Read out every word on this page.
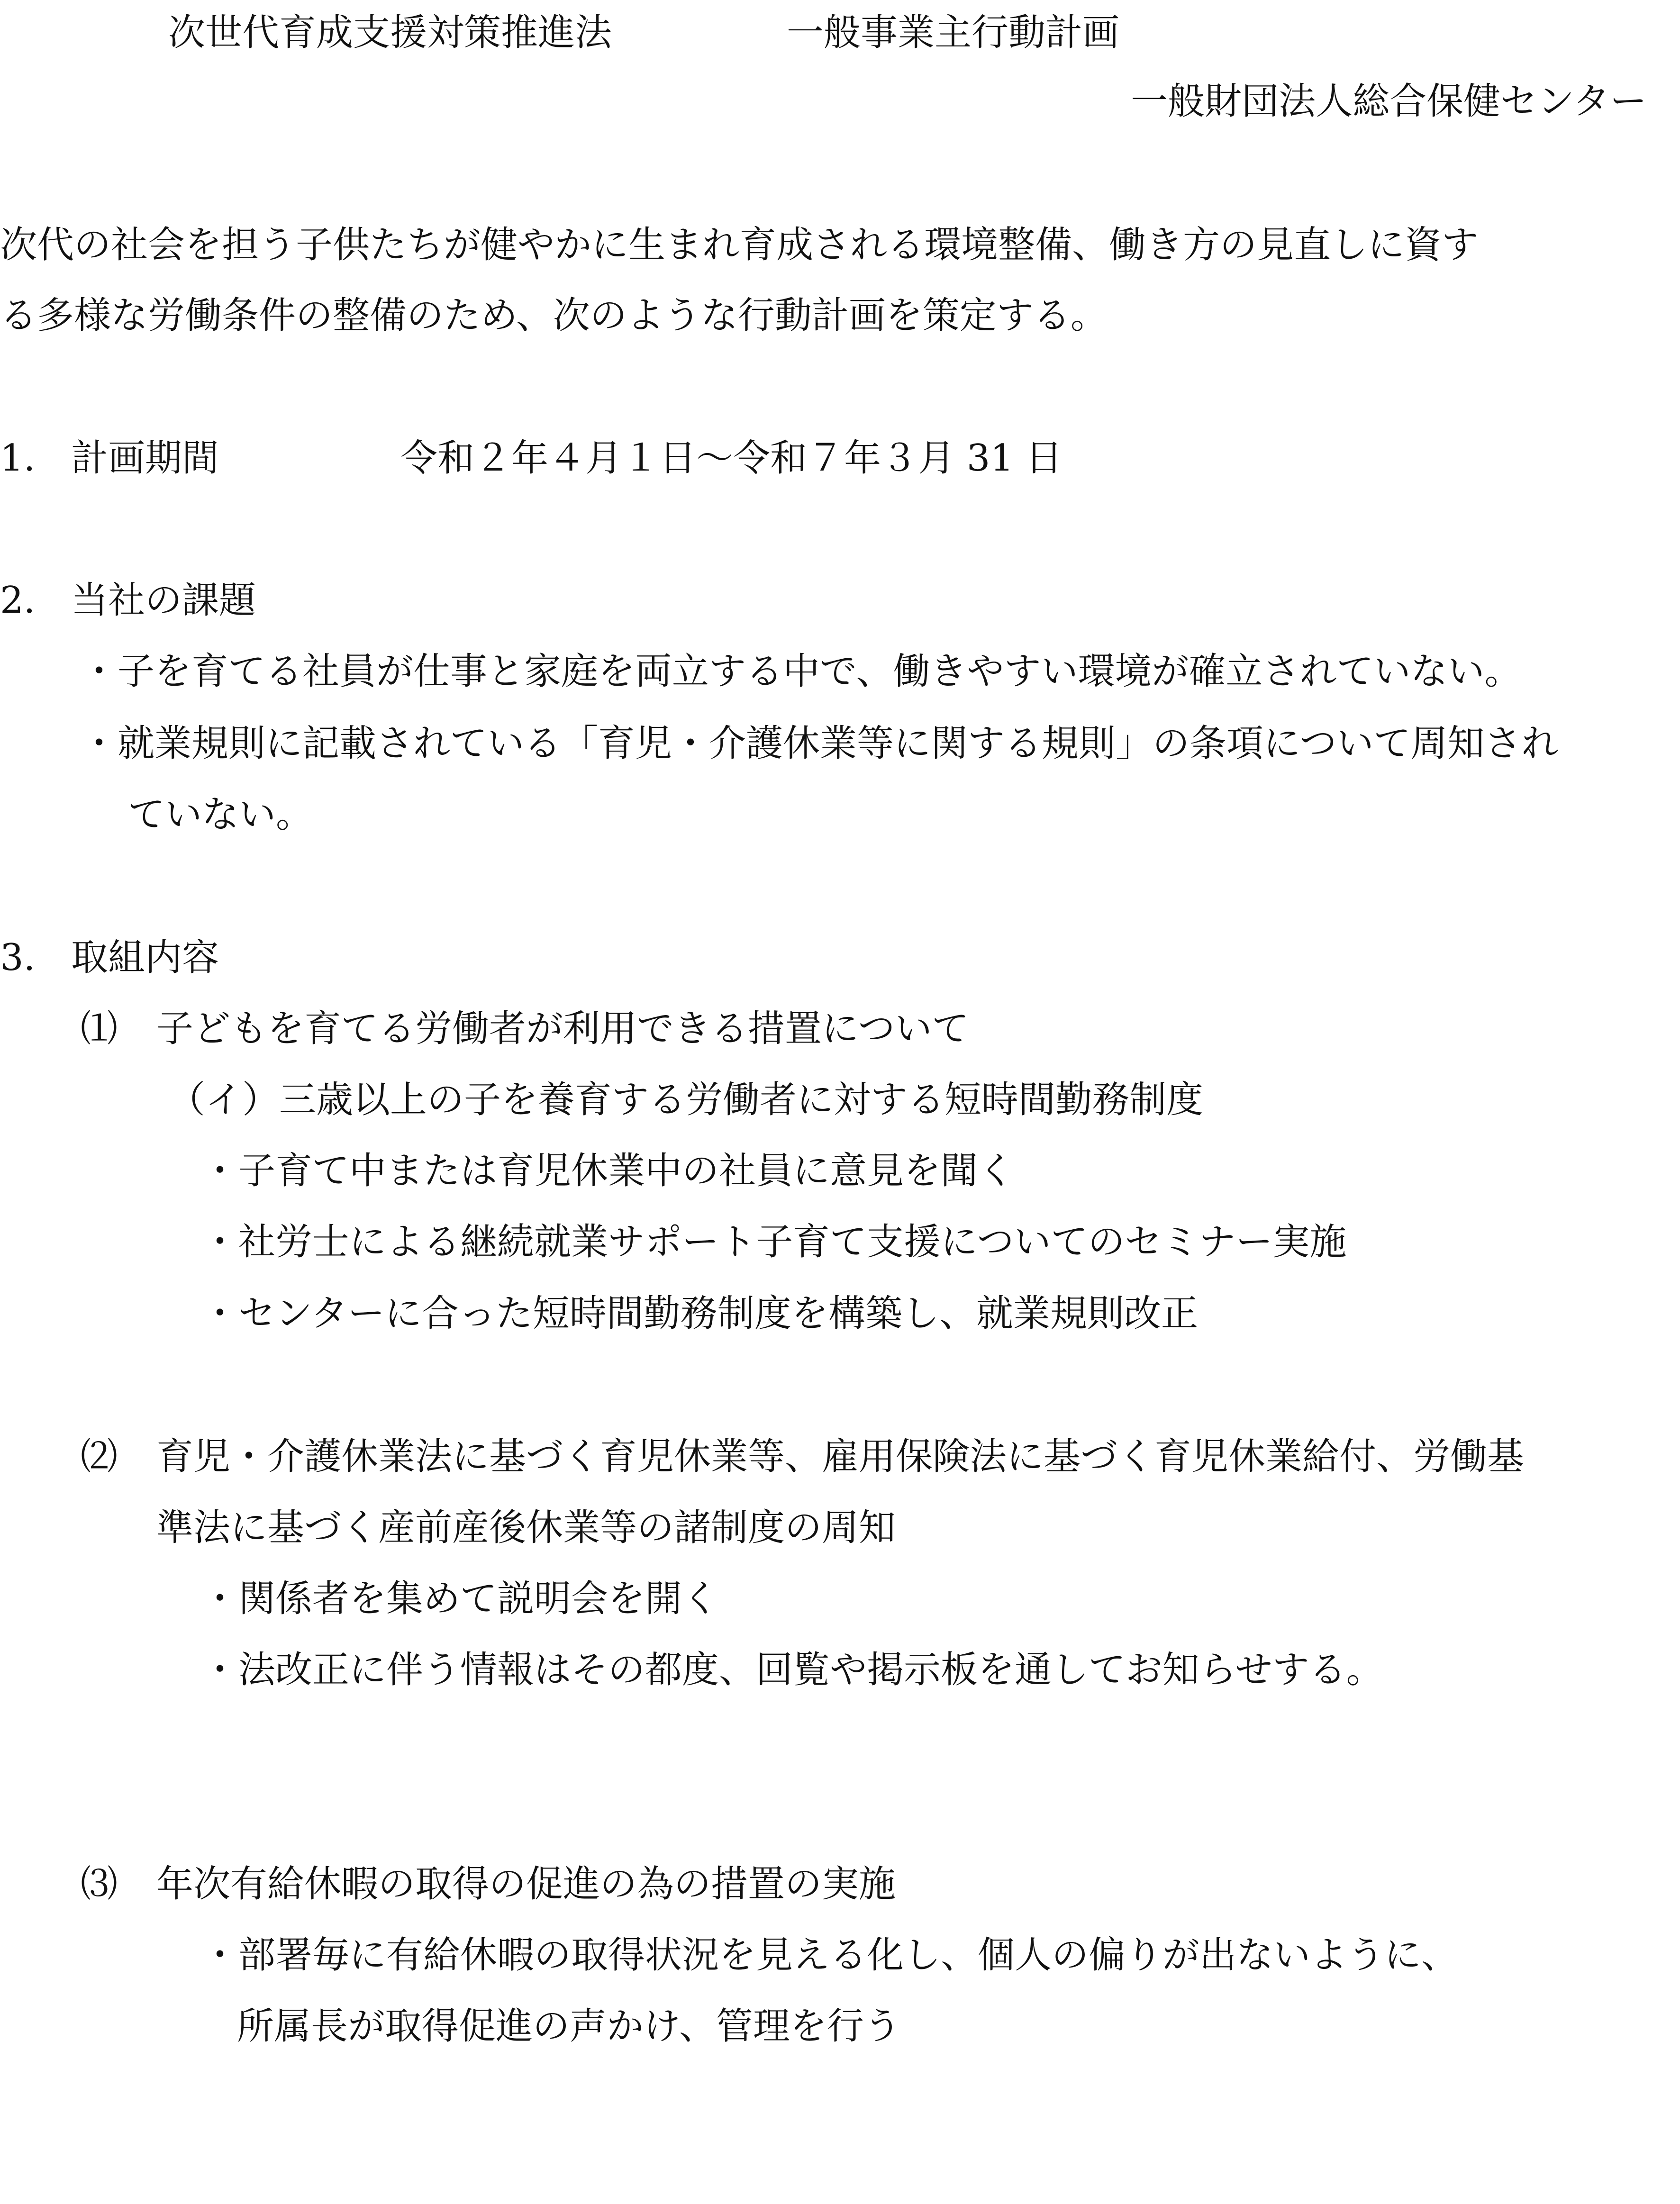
次世代育成支援対策推進法	一般事業主行動計画
一般財団法人総合保健センター
次代の社会を担う子供たちが健やかに生まれ育成される環境整備、働き方の見直しに資す
る多様な労働条件の整備のため、次のような行動計画を策定する。
1. 計画期間	令和２年４月１日～令和７年３月 31 日
2. 当社の課題
・子を育てる社員が仕事と家庭を両立する中で、働きやすい環境が確立されていない。
・就業規則に記載されている「育児・介護休業等に関する規則」の条項について周知され
ていない。
3. 取組内容
⑴ 子どもを育てる労働者が利用できる措置について
（イ）三歳以上の子を養育する労働者に対する短時間勤務制度
・子育て中または育児休業中の社員に意見を聞く
・社労士による継続就業サポート子育て支援についてのセミナー実施
・センターに合った短時間勤務制度を構築し、就業規則改正
⑵ 育児・介護休業法に基づく育児休業等、雇用保険法に基づく育児休業給付、労働基
準法に基づく産前産後休業等の諸制度の周知
・関係者を集めて説明会を開く
・法改正に伴う情報はその都度、回覧や掲示板を通してお知らせする。
⑶ 年次有給休暇の取得の促進の為の措置の実施
・部署毎に有給休暇の取得状況を見える化し、個人の偏りが出ないように、
所属長が取得促進の声かけ、管理を行う
